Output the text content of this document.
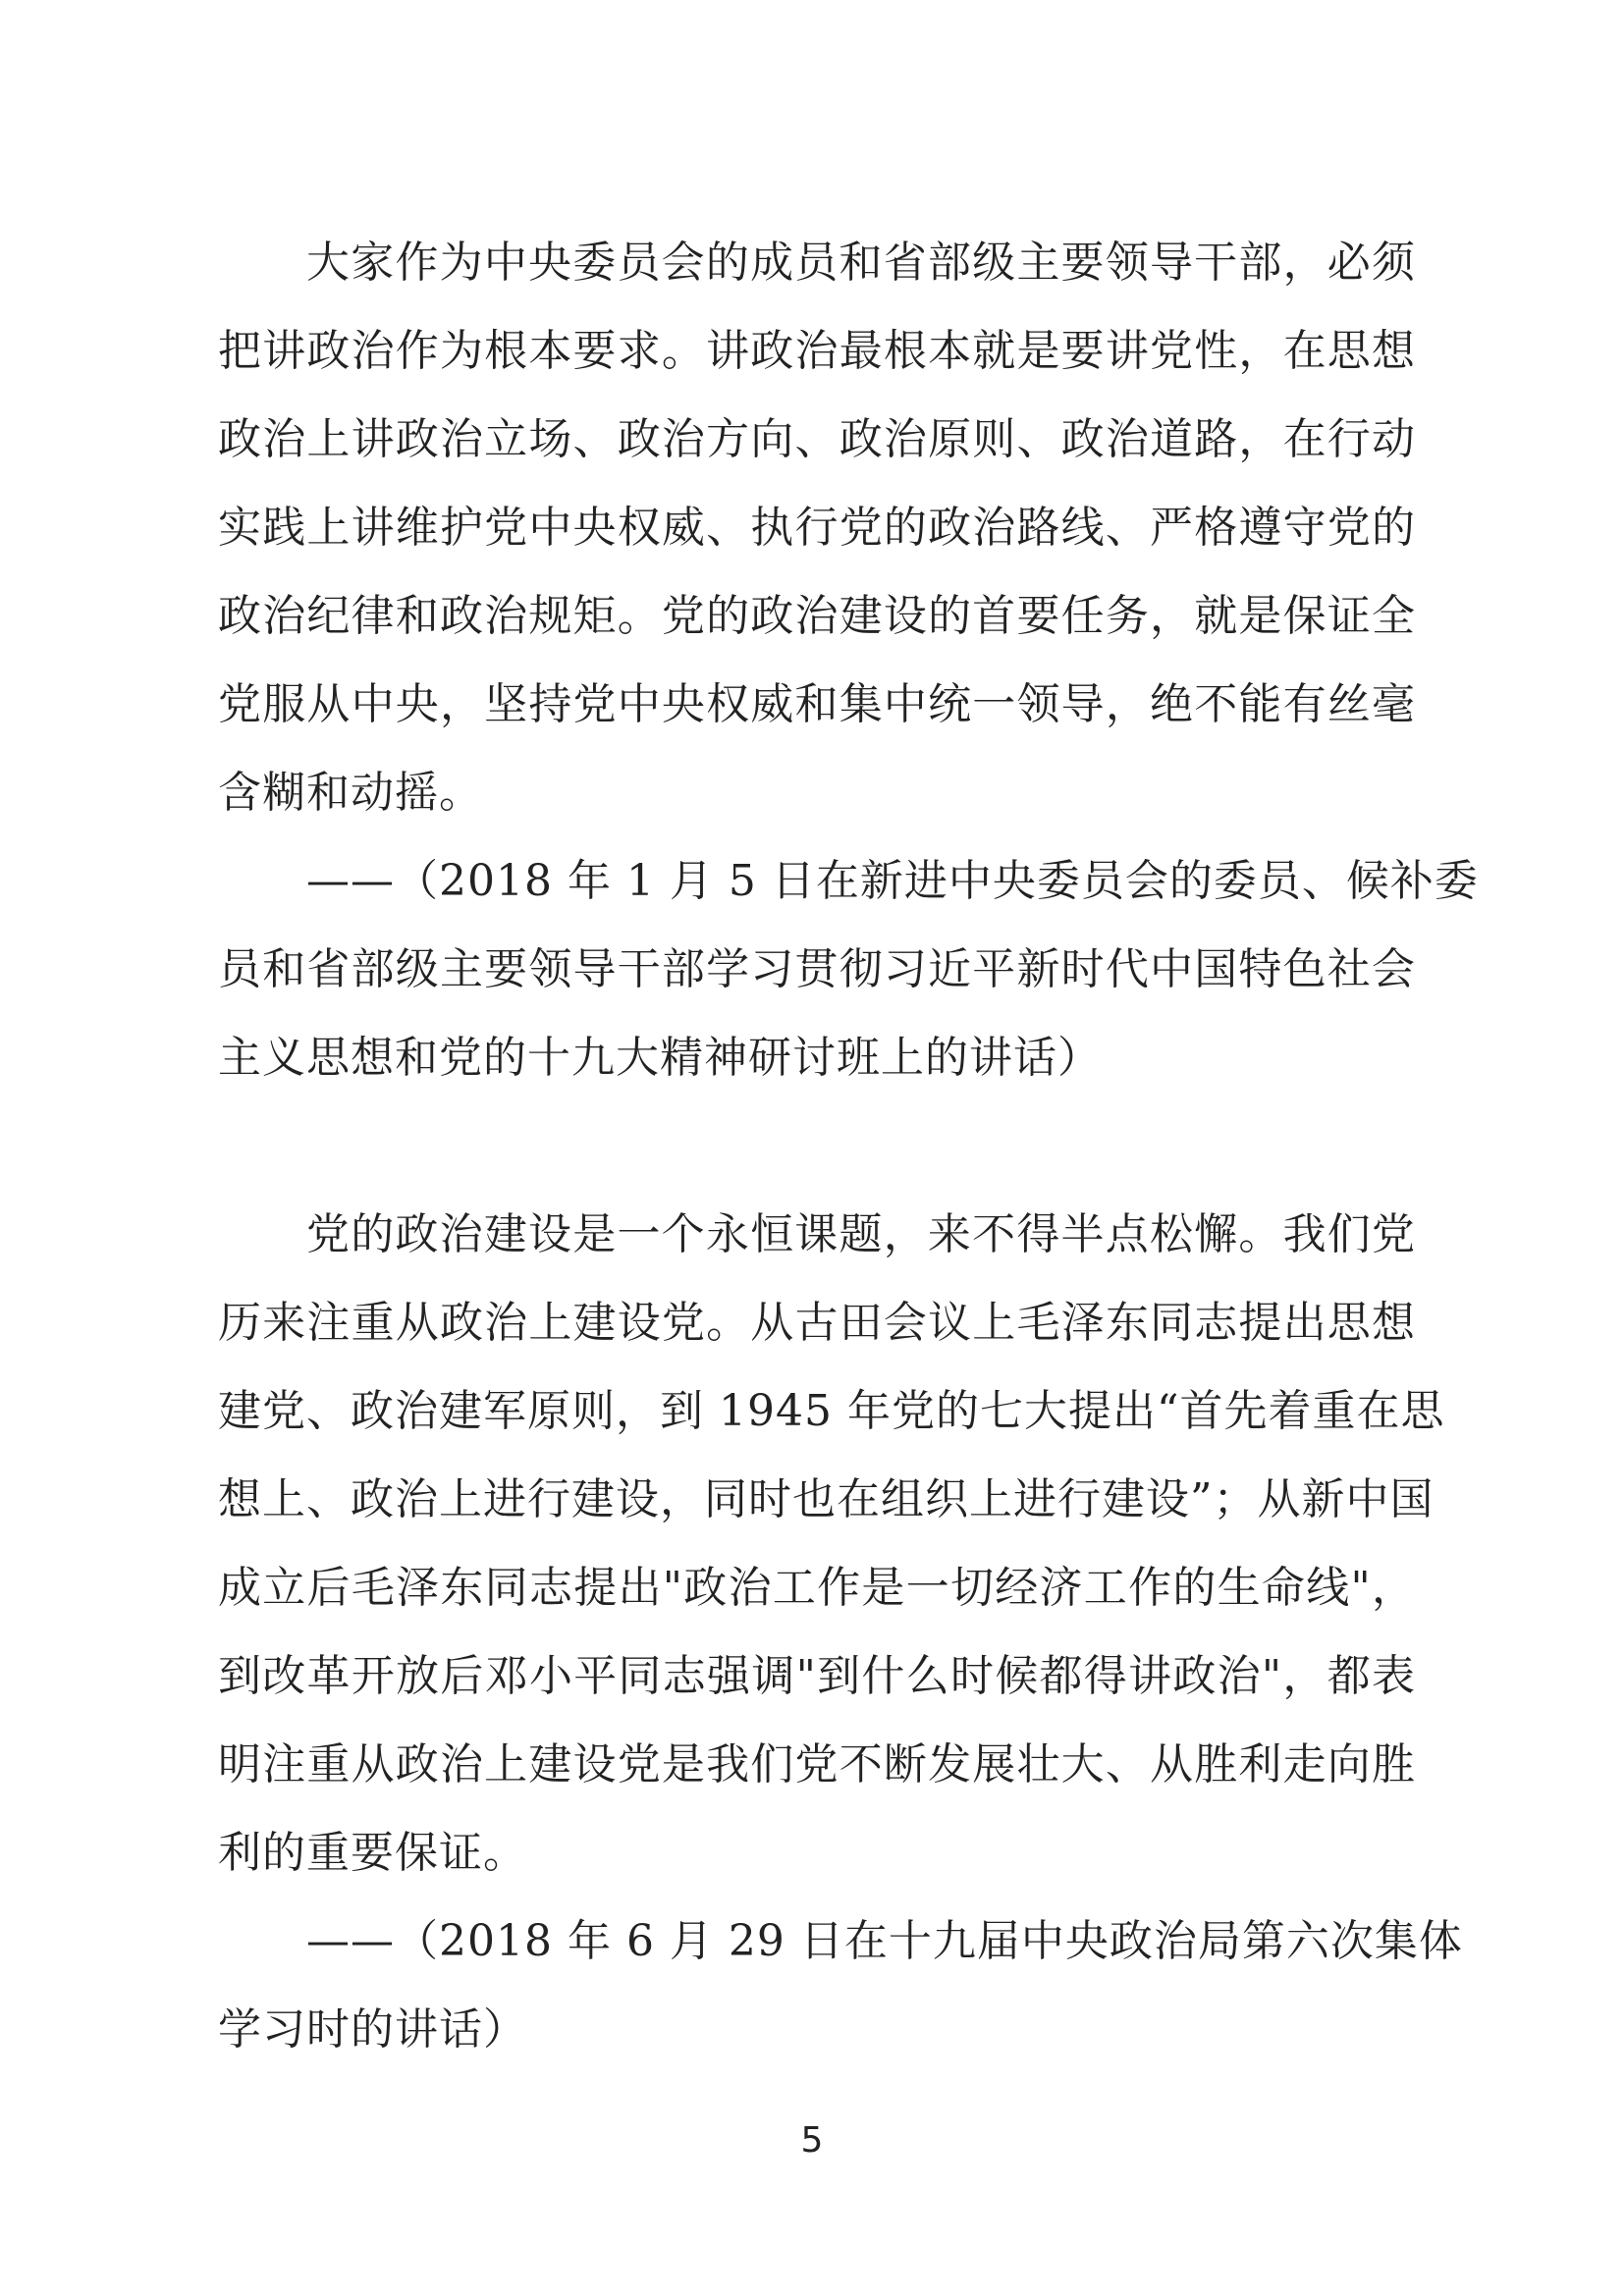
大家作为中央委员会的成员和省部级主要领导干部，必须
把讲政治作为根本要求。讲政治最根本就是要讲党性，在思想
政治上讲政治立场、政治方向、政治原则、政治道路，在行动
实践上讲维护党中央权威、执行党的政治路线、严格遵守党的
政治纪律和政治规矩。党的政治建设的首要任务，就是保证全
党服从中央，坚持党中央权威和集中统一领导，绝不能有丝毫
含糊和动摇。
——（2018 年 1 月 5 日在新进中央委员会的委员、候补委
员和省部级主要领导干部学习贯彻习近平新时代中国特色社会
主义思想和党的十九大精神研讨班上的讲话）
党的政治建设是一个永恒课题，来不得半点松懈。我们党
历来注重从政治上建设党。从古田会议上毛泽东同志提出思想
建党、政治建军原则，到 1945 年党的七大提出“首先着重在思
想上、政治上进行建设，同时也在组织上进行建设”；从新中国
成立后毛泽东同志提出"政治工作是一切经济工作的生命线"，
到改革开放后邓小平同志强调"到什么时候都得讲政治"，都表
明注重从政治上建设党是我们党不断发展壮大、从胜利走向胜
利的重要保证。
——（2018 年 6 月 29 日在十九届中央政治局第六次集体
学习时的讲话）
5
